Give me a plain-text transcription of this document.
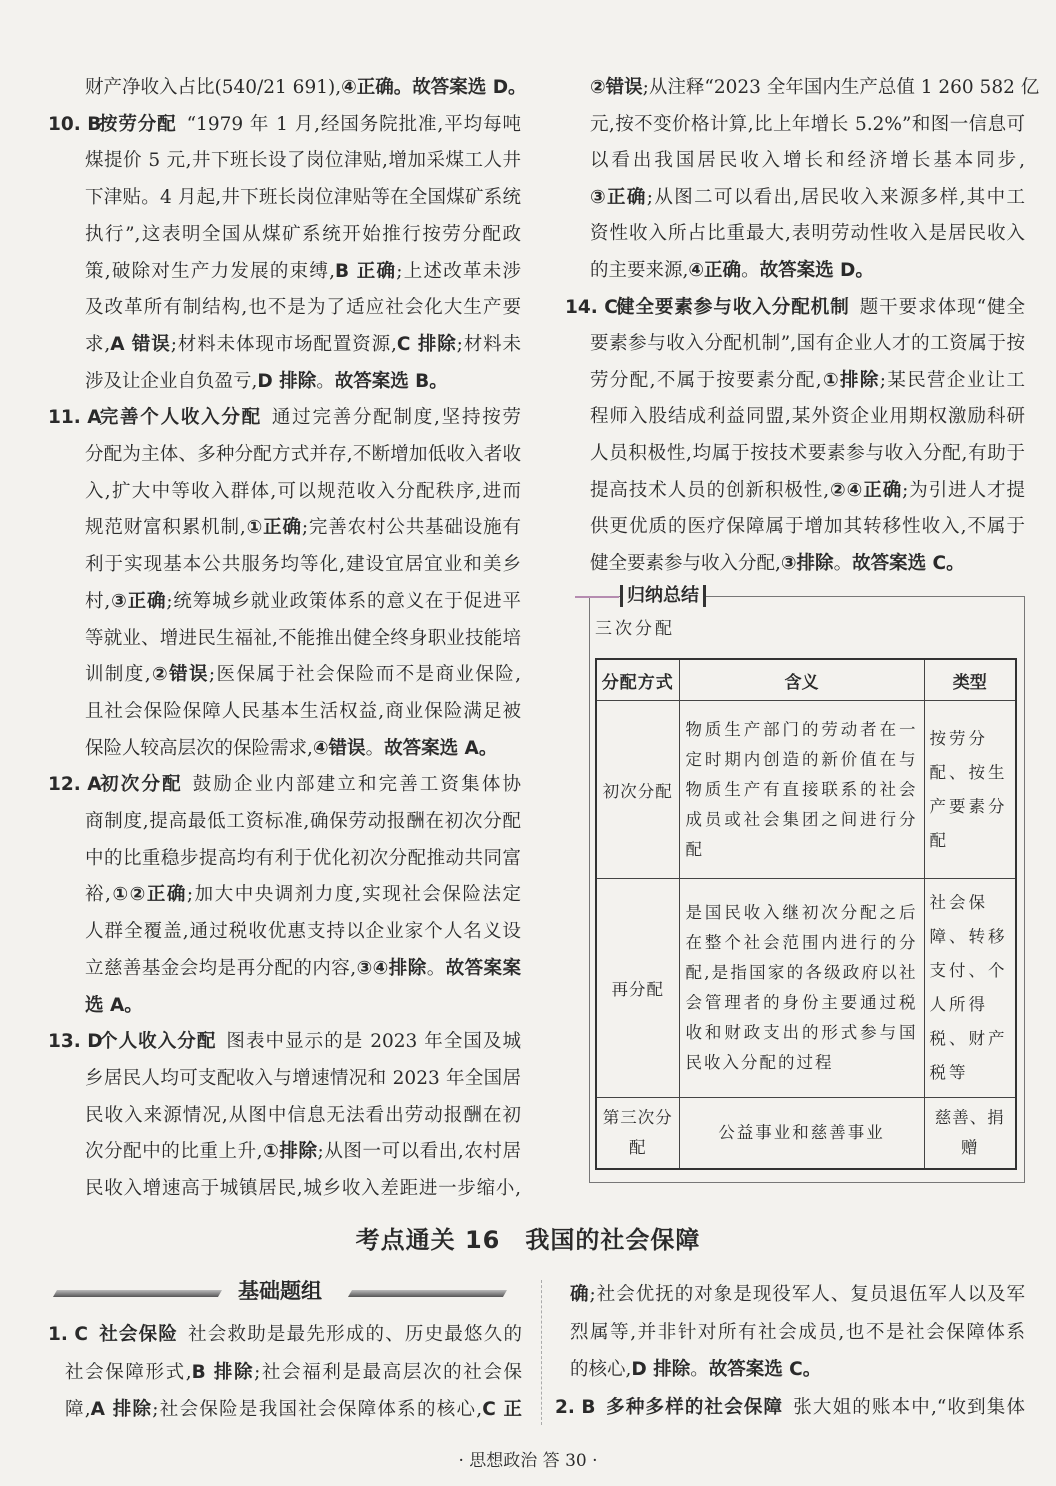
财产净收入占比(540/21 691),④正确。故答案选 D。
10. B按劳分配 “1979 年 1 月,经国务院批准,平均每吨
煤提价 5 元,井下班长设了岗位津贴,增加采煤工人井
下津贴。4 月起,井下班长岗位津贴等在全国煤矿系统
执行”,这表明全国从煤矿系统开始推行按劳分配政
策,破除对生产力发展的束缚,B 正确;上述改革未涉
及改革所有制结构,也不是为了适应社会化大生产要
求,A 错误;材料未体现市场配置资源,C 排除;材料未
涉及让企业自负盈亏,D 排除。故答案选 B。
11. A完善个人收入分配 通过完善分配制度,坚持按劳
分配为主体、多种分配方式并存,不断增加低收入者收
入,扩大中等收入群体,可以规范收入分配秩序,进而
规范财富积累机制,①正确;完善农村公共基础设施有
利于实现基本公共服务均等化,建设宜居宜业和美乡
村,③正确;统筹城乡就业政策体系的意义在于促进平
等就业、增进民生福祉,不能推出健全终身职业技能培
训制度,②错误;医保属于社会保险而不是商业保险,
且社会保险保障人民基本生活权益,商业保险满足被
保险人较高层次的保险需求,④错误。故答案选 A。
12. A初次分配 鼓励企业内部建立和完善工资集体协
商制度,提高最低工资标准,确保劳动报酬在初次分配
中的比重稳步提高均有利于优化初次分配推动共同富
裕,①②正确;加大中央调剂力度,实现社会保险法定
人群全覆盖,通过税收优惠支持以企业家个人名义设
立慈善基金会均是再分配的内容,③④排除。故答案案
选 A。
13. D个人收入分配 图表中显示的是 2023 年全国及城
乡居民人均可支配收入与增速情况和 2023 年全国居
民收入来源情况,从图中信息无法看出劳动报酬在初
次分配中的比重上升,①排除;从图一可以看出,农村居
民收入增速高于城镇居民,城乡收入差距进一步缩小,
②错误;从注释“2023 全年国内生产总值 1 260 582 亿
元,按不变价格计算,比上年增长 5.2%”和图一信息可
以看出我国居民收入增长和经济增长基本同步,
③正确;从图二可以看出,居民收入来源多样,其中工
资性收入所占比重最大,表明劳动性收入是居民收入
的主要来源,④正确。故答案选 D。
14. C健全要素参与收入分配机制 题干要求体现“健全
要素参与收入分配机制”,国有企业人才的工资属于按
劳分配,不属于按要素分配,①排除;某民营企业让工
程师入股结成利益同盟,某外资企业用期权激励科研
人员积极性,均属于按技术要素参与收入分配,有助于
提高技术人员的创新积极性,②④正确;为引进人才提
供更优质的医疗保障属于增加其转移性收入,不属于
健全要素参与收入分配,③排除。故答案选 C。
归纳总结
三次分配
分配方式	含义	类型
初次分配	物质生产部门的劳动者在一定时期内创造的新价值在与物质生产有直接联系的社会成员或社会集团之间进行分配	按劳分配、按生产要素分配
再分配	是国民收入继初次分配之后在整个社会范围内进行的分配,是指国家的各级政府以社会管理者的身份主要通过税收和财政支出的形式参与国民收入分配的过程	社会保障、转移支付、个人所得税、财产税等
第三次分配	公益事业和慈善事业	慈善、捐赠
考点通关 16　我国的社会保障
基础题组
1. C 社会保险 社会救助是最先形成的、历史最悠久的
社会保障形式,B 排除;社会福利是最高层次的社会保
障,A 排除;社会保险是我国社会保障体系的核心,C 正
确;社会优抚的对象是现役军人、复员退伍军人以及军
烈属等,并非针对所有社会成员,也不是社会保障体系
的核心,D 排除。故答案选 C。
2. B 多种多样的社会保障 张大姐的账本中,“收到集体
· 思想政治 答 30 ·
